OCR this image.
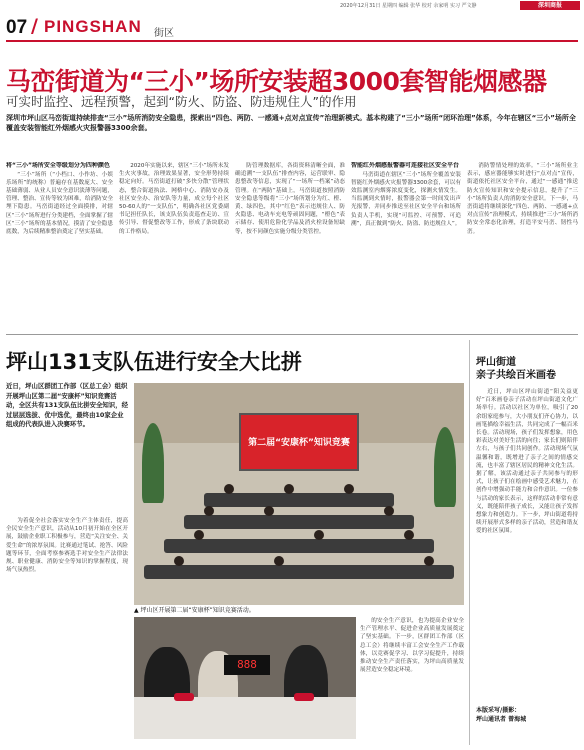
2020年12月31日 星期四 编辑 张华 校对 余家明 实习 严文静	深圳商报
07 / PINGSHAN 街区
马峦街道为“三小”场所安装超3000套智能烟感器
可实时监控、远程预警，起到“防火、防盗、防违规住人”的作用

深圳市坪山区马峦街道持续排查“三小”场所消防安全隐患，探索出“四色、两防、一感通+点对点宣传”治理新模式。基本构建了“三小”场所“闭环治理”体系，今年在辖区“三小”场所全覆盖安装智能红外烟感火灾报警器3300余套。

将“三小”场所安全等级划分为四种颜色

“三小”场所（“小档口、小作坊、小娱乐场所”的统称）普遍存在基数庞大、安全基础薄弱、从业人员安全意识淡薄等问题，管理、整治、宣传等较为困难，给消防安全埋下隐患。马峦街道经过全面摸排，对辖区“三小”场所进行分类建档，全面掌握了辖区“三小”场所的基本情况，摸清了安全隐患底数，为后续精准整治奠定了坚实基础。

2020年实施以来，辖区“三小”场所未发生火灾事故，治理效果显著，安全形势持续稳定向好。马峦街道打破“多快分散”管理状态，整合街道执法、网格中心、消防安办及社区安全办、治安队等力量，成立每个社区50-60人的“一支队伍”，明确各社区党委副书记担任队长，该支队伍负责巡查走访、宣传引导、督促整改等工作，形成了条块联动的工作格局。

防管理数据库，各街资料清晰全面，准确追溯“一支队伍”排查内容，运营联审、隐患整改等信息，实现了“一场所一档案”动态管理。在“两防”基础上，马峦街道按照消防安全隐患等级将“三小”场所划分为红、橙、黄、绿四色，其中“红色”表示违规住人、防火隐患、电动车充电等顽固问题，“橙色”表示储存、使用危险化学品及消火栓设备短缺等，按不同颜色实施分级分类管控。

智能红外烟感报警器可连接社区安全平台

马峦街道在辖区“三小”场所全覆盖安装智能红外烟感火灾报警器3300余套，可以有效监测室内烟雾浓度变化，探测火情发生。当监测到火情时，报警器会第一时间发出声光报警，并同步推送至社区安全平台和场所负责人手机，实现“可监控、可预警、可追溯”，真正做到“防火、防盗、防违规住人”。

消防警情处理的效率。“三小”场所业主表示，感应器能够实时进行“点对点”宣传，街道依托社区安全平台，通过“一感通”推送防火宣传知识和安全提示信息，提升了“三小”场所负责人的消防安全意识。下一步，马峦街道将继续深化“四色、两防、一感通+点对点宣传”治理模式，持续推进“三小”场所消防安全常态化治理，打造平安马峦、韧性马峦。

坪山131支队伍进行安全大比拼

近日，坪山区群团工作部（区总工会）组织开展坪山区第二届“安康杯”知识竞赛活动，全区共有131支队伍比拼安全知识，经过层层选拔、优中选优，最终由10家企业组成的代表队进入决赛环节。

为着促全社会落实安全生产主体责任，提高全民安全生产意识，活动从10月初开始在全区开展，鼓励企业职工积极参与，营造“关注安全、关爱生命”的浓厚氛围。比赛通过笔试、抢答、风险题等环节，全面考察参赛选手对安全生产法律法规、职业健康、消防安全等知识的掌握程度，现场气氛热烈。

第二届“安康杯”知识竞赛
▲ 坪山区开展第二届“安康杯”知识竞赛活动。
888

的安全生产意识，也为提高企业安全生产管理水平、促进企业高质量发展奠定了坚实基础。下一步，区群团工作部（区总工会）将继续丰富工会安全生产工作载体，以竞赛促学习、以学习促提升，持续推动安全生产责任落实，为坪山高质量发展营造安全稳定环境。

坪山街道
亲子共绘百米画卷

近日，坪山区坪山街道“阳关益更好”百米画卷亲子活动在坪山街道文化广场举行。活动以社区为单位，吸引了20余组家庭参与，大小朋友们齐心协力，以画笔描绘幸福生活，共同完成了一幅百米长卷。活动现场，孩子们发挥想象，用色彩表达对美好生活的向往；家长们则陪伴左右，与孩子们共同创作。活动现场气氛温馨和谐，既增进了亲子之间的情感交流，也丰富了辖区居民的精神文化生活。据了解，该活动通过亲子共同参与的形式，让孩子们在绘画中感受艺术魅力，在创作中增强动手能力和合作意识。一位参与活动的家长表示，这样的活动非常有意义，既能陪伴孩子成长，又能让孩子发挥想象力和创造力。下一步，坪山街道将持续开展形式多样的亲子活动，营造和谐友爱的社区氛围。

本版采写/摄影：
坪山通讯者 曾海城
